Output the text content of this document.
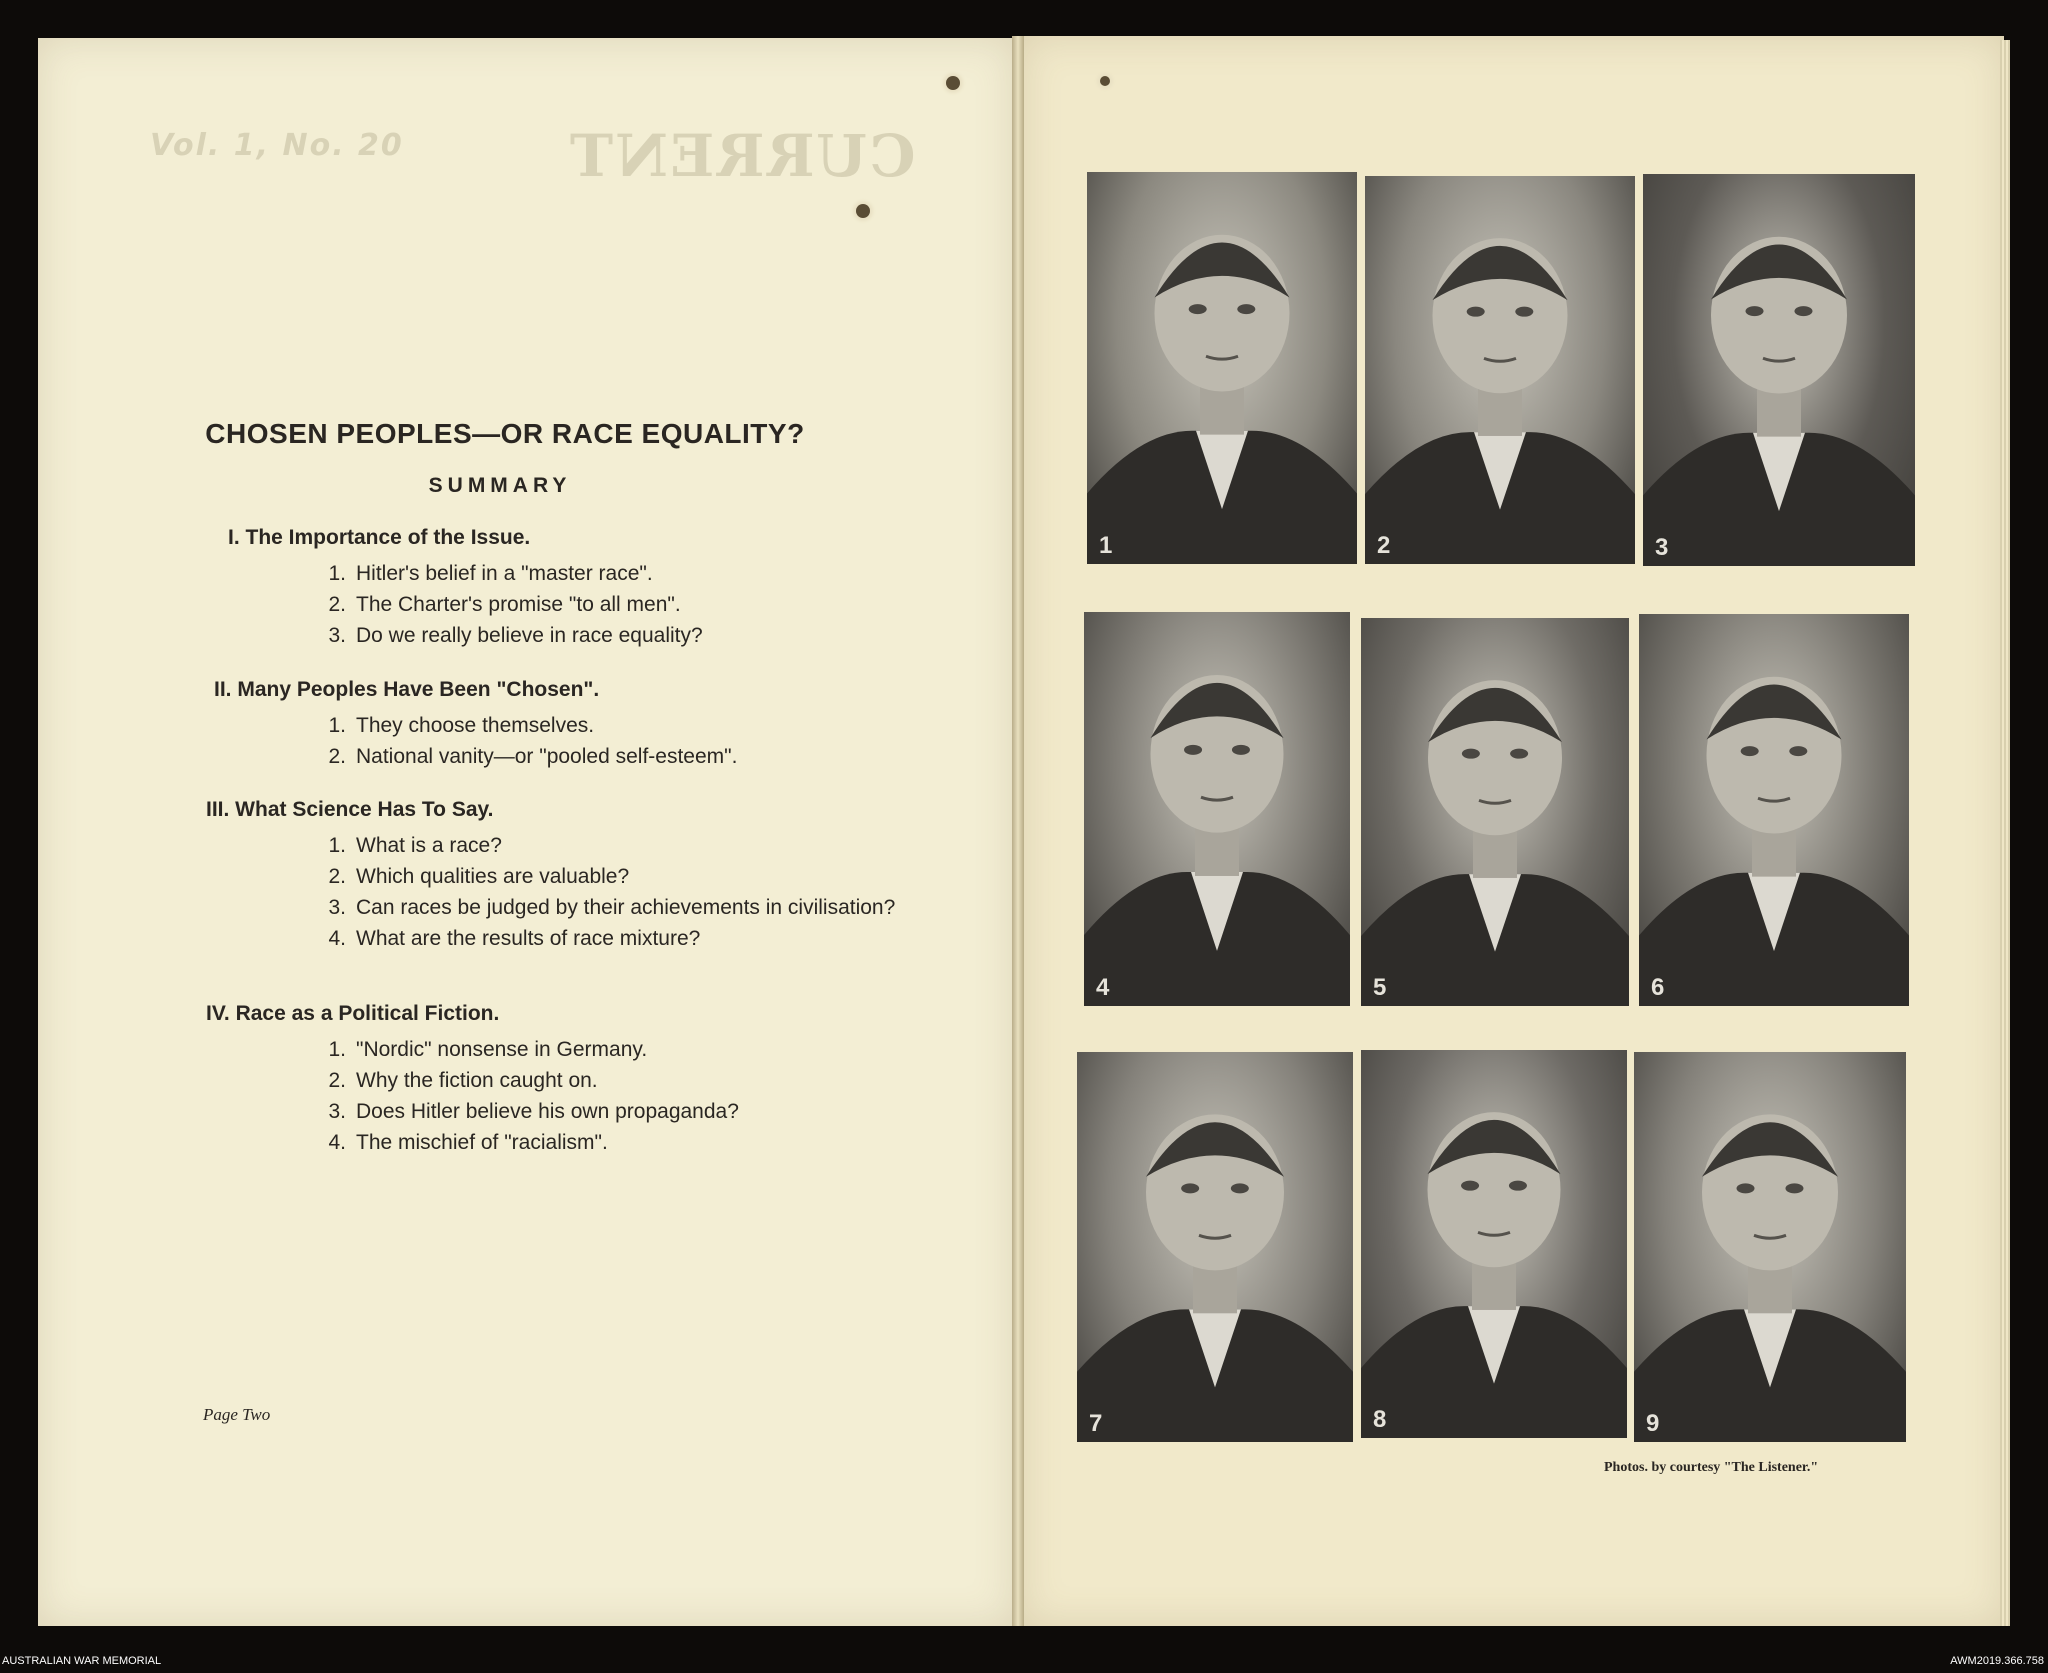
Vol. 1, No. 20	CURRENT
CHOSEN PEOPLES—OR RACE EQUALITY?
SUMMARY
I. The Importance of the Issue.
1. Hitler's belief in a "master race".
2. The Charter's promise "to all men".
3. Do we really believe in race equality?
II. Many Peoples Have Been "Chosen".
1. They choose themselves.
2. National vanity—or "pooled self-esteem".
III. What Science Has To Say.
1. What is a race?
2. Which qualities are valuable?
3. Can races be judged by their achievements in civilisation?
4. What are the results of race mixture?
IV. Race as a Political Fiction.
1. "Nordic" nonsense in Germany.
2. Why the fiction caught on.
3. Does Hitler believe his own propaganda?
4. The mischief of "racialism".
Page Two
1	2	3
4	5	6
7	8	9
Photos. by courtesy "The Listener."
AUSTRALIAN WAR MEMORIAL	AWM2019.366.758
